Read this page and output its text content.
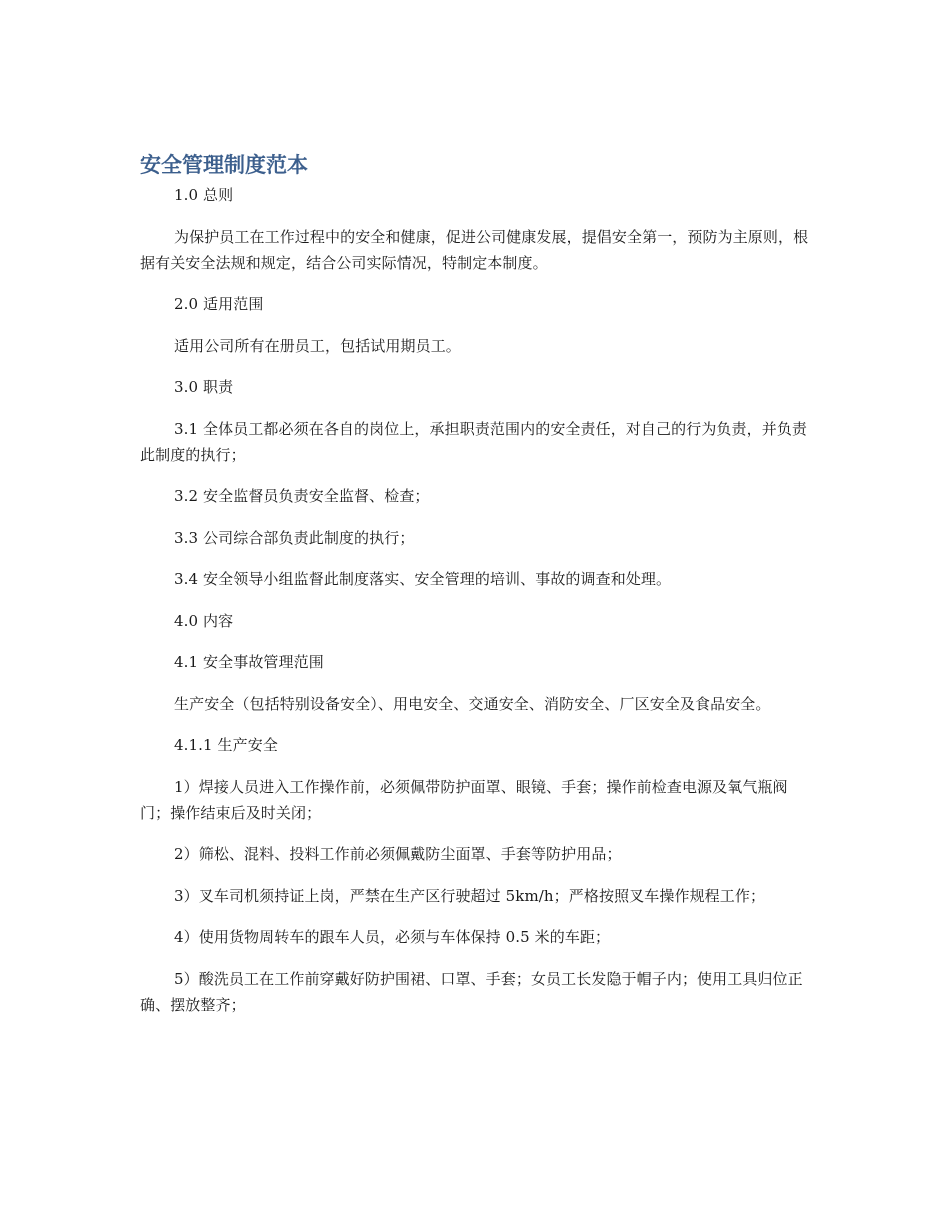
安全管理制度范本

1.0 总则

为保护员工在工作过程中的安全和健康，促进公司健康发展，提倡安全第一，预防为主原则，根据有关安全法规和规定，结合公司实际情况，特制定本制度。

2.0 适用范围

适用公司所有在册员工，包括试用期员工。

3.0 职责

3.1 全体员工都必须在各自的岗位上，承担职责范围内的安全责任，对自己的行为负责，并负责此制度的执行；

3.2 安全监督员负责安全监督、检查；

3.3 公司综合部负责此制度的执行；

3.4 安全领导小组监督此制度落实、安全管理的培训、事故的调查和处理。

4.0 内容

4.1 安全事故管理范围

生产安全（包括特别设备安全）、用电安全、交通安全、消防安全、厂区安全及食品安全。

4.1.1 生产安全

1）焊接人员进入工作操作前，必须佩带防护面罩、眼镜、手套；操作前检查电源及氧气瓶阀门；操作结束后及时关闭；

2）筛松、混料、投料工作前必须佩戴防尘面罩、手套等防护用品；

3）叉车司机须持证上岗，严禁在生产区行驶超过 5km/h；严格按照叉车操作规程工作；

4）使用货物周转车的跟车人员，必须与车体保持 0.5 米的车距；

5）酸洗员工在工作前穿戴好防护围裙、口罩、手套；女员工长发隐于帽子内；使用工具归位正确、摆放整齐；
